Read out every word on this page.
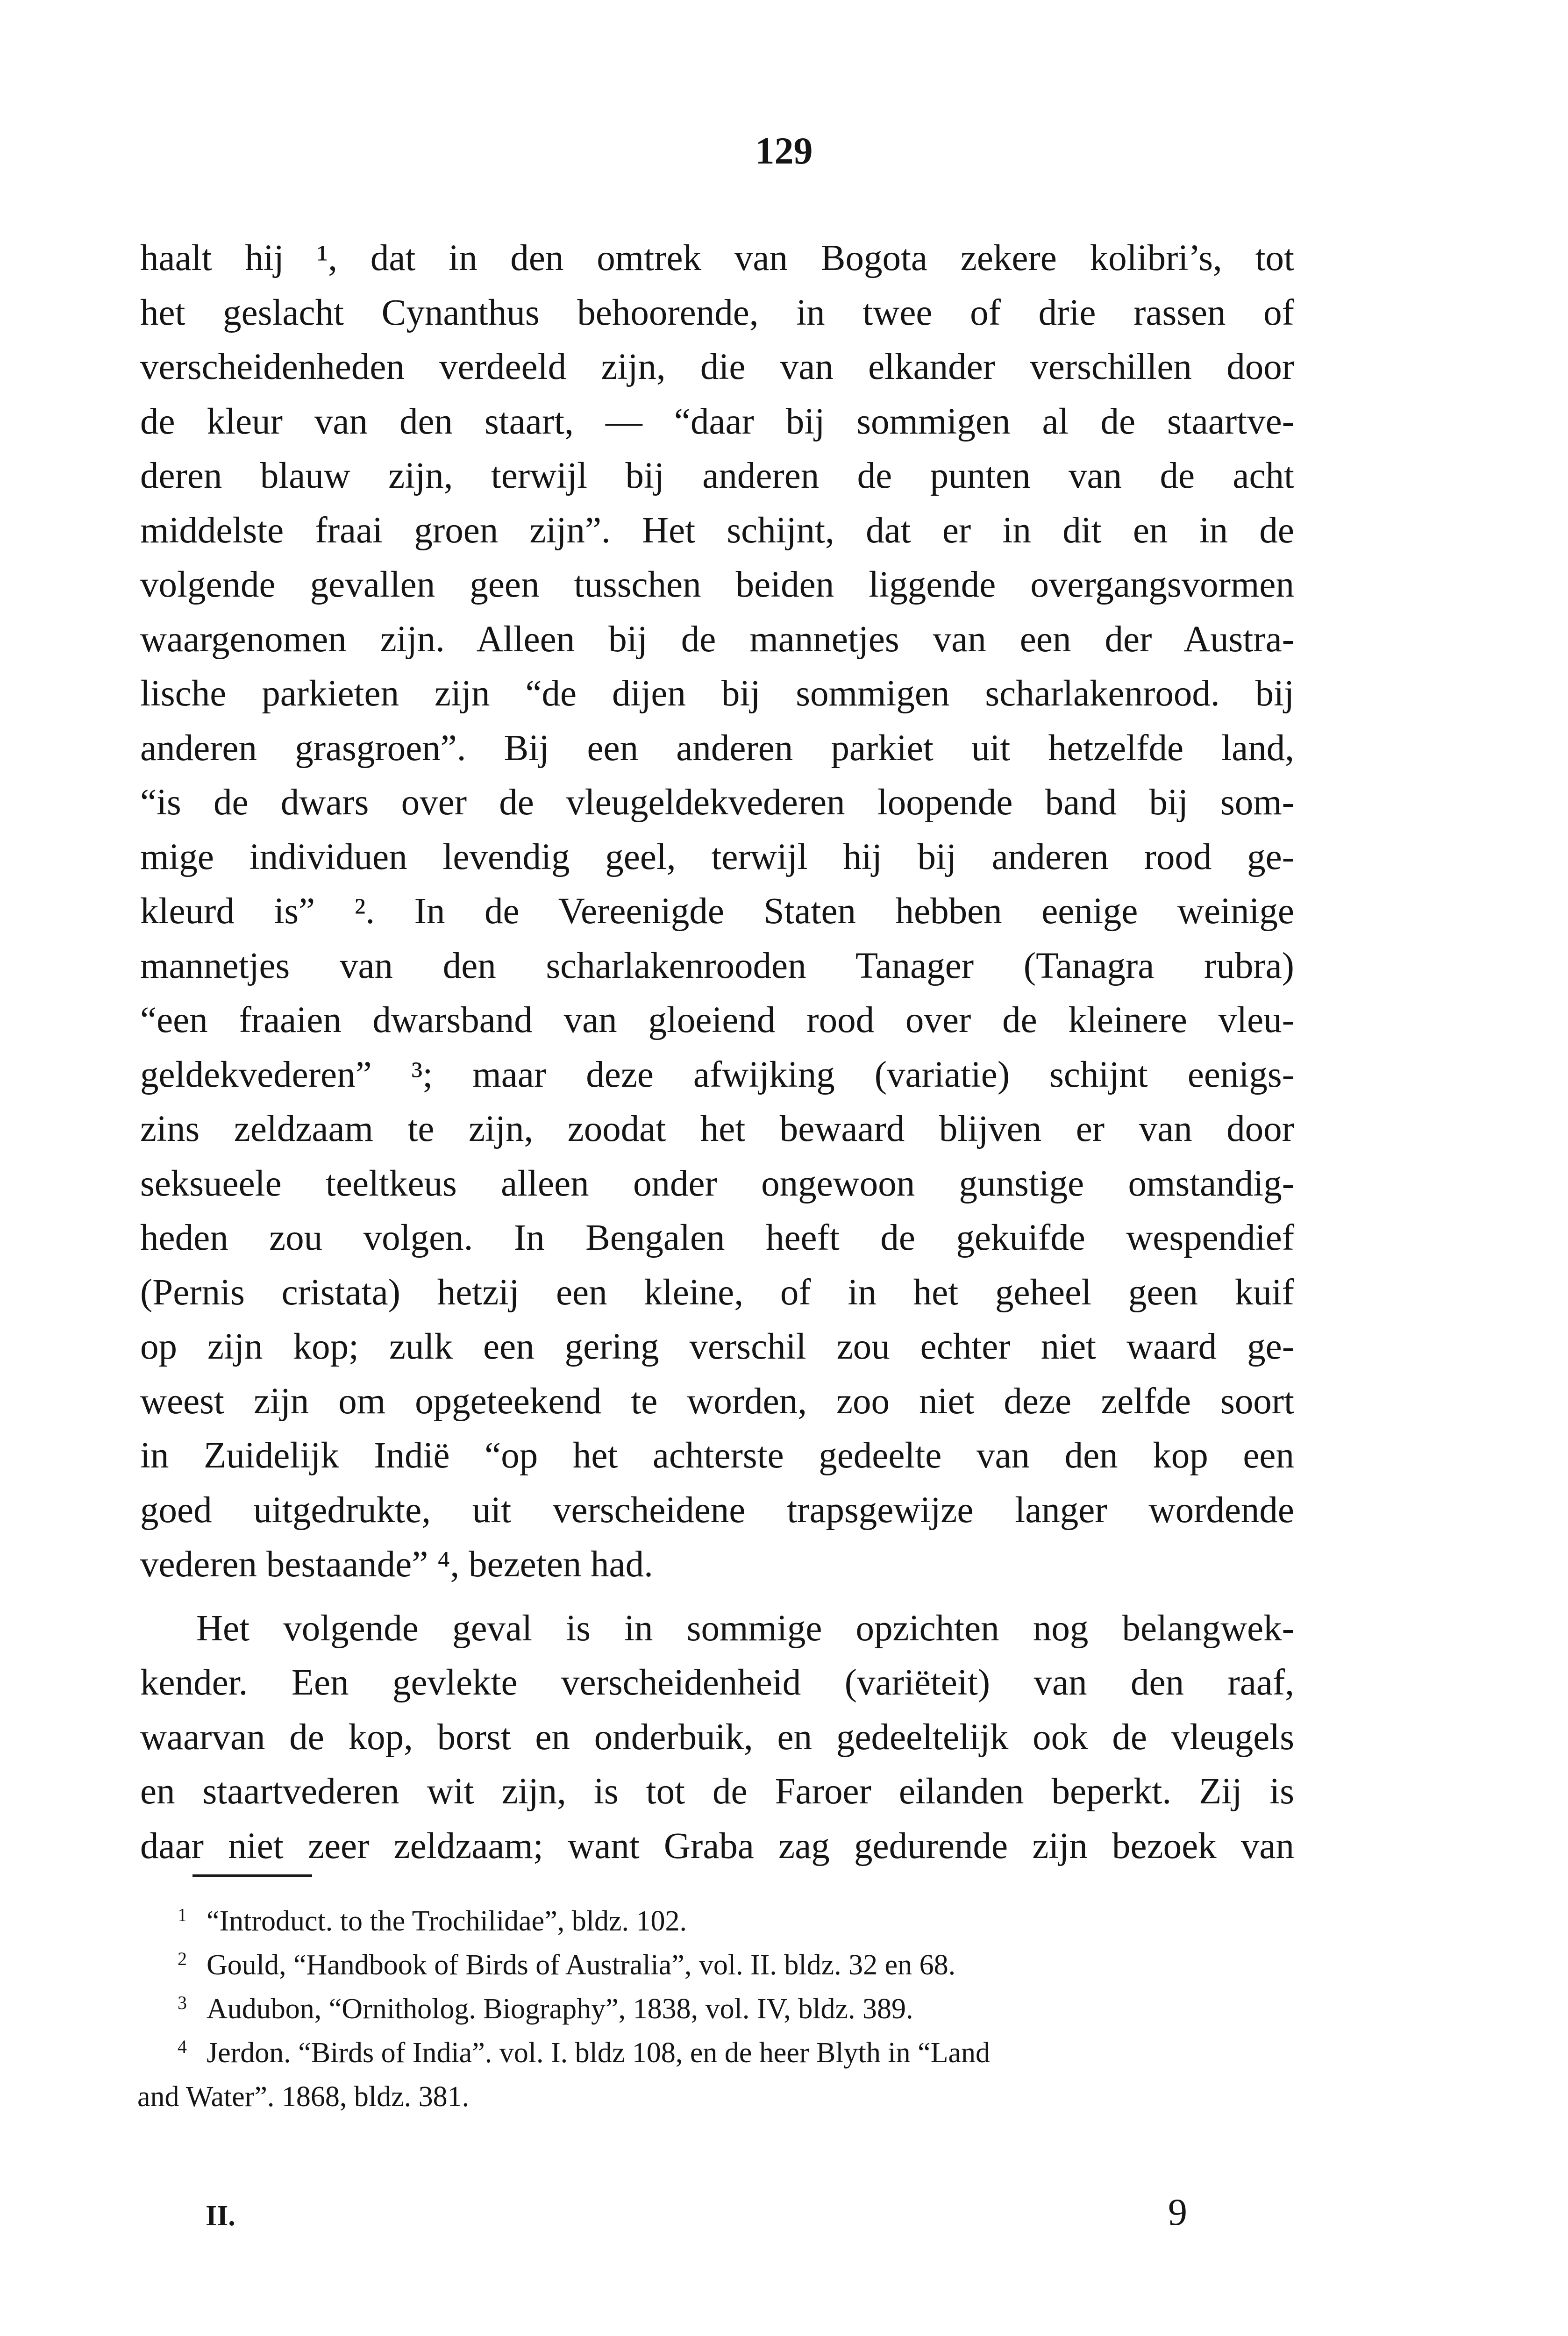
129
haalt hij ¹, dat in den omtrek van Bogota zekere kolibri’s, tot
het geslacht Cynanthus behoorende, in twee of drie rassen of
verscheidenheden verdeeld zijn, die van elkander verschillen door
de kleur van den staart, — “daar bij sommigen al de staartve-
deren blauw zijn, terwijl bij anderen de punten van de acht
middelste fraai groen zijn”. Het schijnt, dat er in dit en in de
volgende gevallen geen tusschen beiden liggende overgangsvormen
waargenomen zijn. Alleen bij de mannetjes van een der Austra-
lische parkieten zijn “de dijen bij sommigen scharlakenrood. bij
anderen grasgroen”. Bij een anderen parkiet uit hetzelfde land,
“is de dwars over de vleugeldekvederen loopende band bij som-
mige individuen levendig geel, terwijl hij bij anderen rood ge-
kleurd is” ². In de Vereenigde Staten hebben eenige weinige
mannetjes van den scharlakenrooden Tanager (Tanagra rubra)
“een fraaien dwarsband van gloeiend rood over de kleinere vleu-
geldekvederen” ³; maar deze afwijking (variatie) schijnt eenigs-
zins zeldzaam te zijn, zoodat het bewaard blijven er van door
seksueele teeltkeus alleen onder ongewoon gunstige omstandig-
heden zou volgen. In Bengalen heeft de gekuifde wespendief
(Pernis cristata) hetzij een kleine, of in het geheel geen kuif
op zijn kop; zulk een gering verschil zou echter niet waard ge-
weest zijn om opgeteekend te worden, zoo niet deze zelfde soort
in Zuidelijk Indië “op het achterste gedeelte van den kop een
goed uitgedrukte, uit verscheidene trapsgewijze langer wordende
vederen bestaande” ⁴, bezeten had.
Het volgende geval is in sommige opzichten nog belangwek-
kender. Een gevlekte verscheidenheid (variëteit) van den raaf,
waarvan de kop, borst en onderbuik, en gedeeltelijk ook de vleugels
en staartvederen wit zijn, is tot de Faroer eilanden beperkt. Zij is
daar niet zeer zeldzaam; want Graba zag gedurende zijn bezoek van
1 “Introduct. to the Trochilidae”, bldz. 102.
2 Gould, “Handbook of Birds of Australia”, vol. II. bldz. 32 en 68.
3 Audubon, “Ornitholog. Biography”, 1838, vol. IV, bldz. 389.
4 Jerdon. “Birds of India”. vol. I. bldz 108, en de heer Blyth in “Land
and Water”. 1868, bldz. 381.
II.	9
